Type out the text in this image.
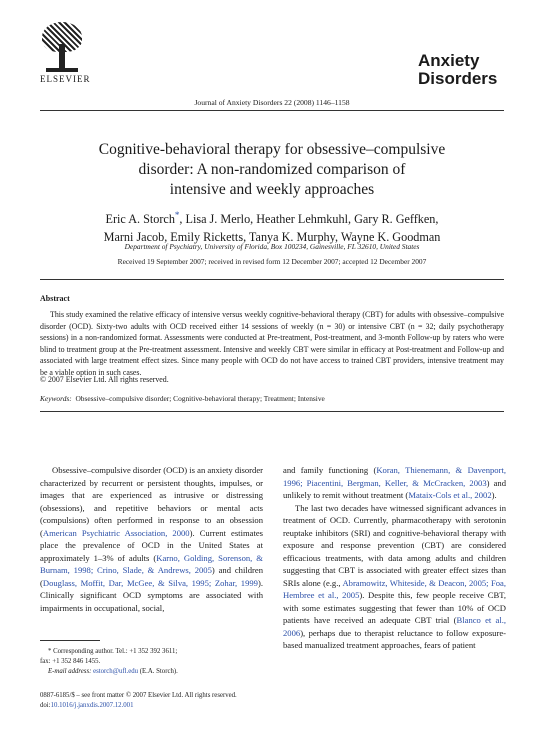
ELSEVIER
Journal of Anxiety Disorders 22 (2008) 1146–1158
Anxiety
Disorders
Cognitive-behavioral therapy for obsessive–compulsive
disorder: A non-randomized comparison of
intensive and weekly approaches
Eric A. Storch*, Lisa J. Merlo, Heather Lehmkuhl, Gary R. Geffken,
Marni Jacob, Emily Ricketts, Tanya K. Murphy, Wayne K. Goodman
Department of Psychiatry, University of Florida, Box 100234, Gainesville, FL 32610, United States
Received 19 September 2007; received in revised form 12 December 2007; accepted 12 December 2007
Abstract
This study examined the relative efficacy of intensive versus weekly cognitive-behavioral therapy (CBT) for adults with obsessive–compulsive disorder (OCD). Sixty-two adults with OCD received either 14 sessions of weekly (n = 30) or intensive CBT (n = 32; daily psychotherapy sessions) in a non-randomized format. Assessments were conducted at Pre-treatment, Post-treatment, and 3-month Follow-up by raters who were blind to treatment group at the Pre-treatment assessment. Intensive and weekly CBT were similar in efficacy at Post-treatment and Follow-up and associated with large treatment effect sizes. Since many people with OCD do not have access to trained CBT providers, intensive treatment may be a viable option in such cases.
© 2007 Elsevier Ltd. All rights reserved.
Keywords: Obsessive–compulsive disorder; Cognitive-behavioral therapy; Treatment; Intensive
Obsessive–compulsive disorder (OCD) is an anxiety disorder characterized by recurrent or persistent thoughts, impulses, or images that are experienced as intrusive or distressing (obsessions), and repetitive behaviors or mental acts (compulsions) often performed in response to an obsession (American Psychiatric Association, 2000). Current estimates place the prevalence of OCD in the United States at approximately 1–3% of adults (Karno, Golding, Sorenson, & Burnam, 1998; Crino, Slade, & Andrews, 2005) and children (Douglass, Moffit, Dar, McGee, & Silva, 1995; Zohar, 1999). Clinically significant OCD symptoms are associated with impairments in occupational, social,

and family functioning (Koran, Thienemann, & Davenport, 1996; Piacentini, Bergman, Keller, & McCracken, 2003) and unlikely to remit without treatment (Mataix-Cols et al., 2002).

The last two decades have witnessed significant advances in treatment of OCD. Currently, pharmacotherapy with serotonin reuptake inhibitors (SRI) and cognitive-behavioral therapy with exposure and response prevention (CBT) are considered efficacious treatments, with data among adults and children suggesting that CBT is associated with greater effect sizes than SRIs alone (e.g., Abramowitz, Whiteside, & Deacon, 2005; Foa, Hembree et al., 2005). Despite this, few people receive CBT, with some estimates suggesting that fewer than 10% of OCD patients have received an adequate CBT trial (Blanco et al., 2006), perhaps due to therapist reluctance to follow exposure-based manualized treatment approaches, fears of patient

* Corresponding author. Tel.: +1 352 392 3611;
fax: +1 352 846 1455.
E-mail address: estorch@ufl.edu (E.A. Storch).
0887-6185/$ – see front matter © 2007 Elsevier Ltd. All rights reserved.
doi:10.1016/j.janxdis.2007.12.001
